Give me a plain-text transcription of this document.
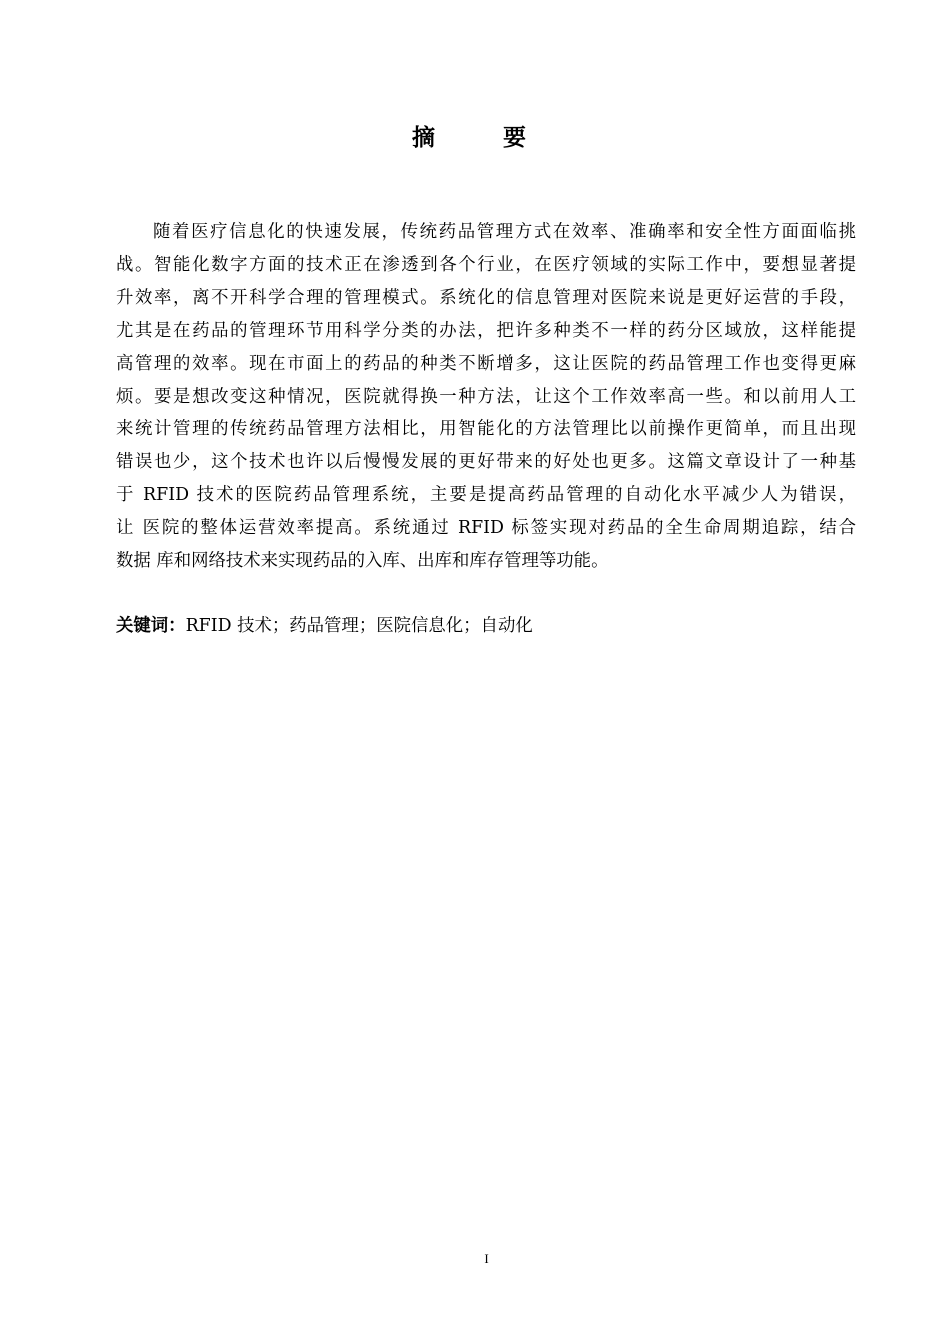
摘 要
随着医疗信息化的快速发展，传统药品管理方式在效率、准确率和安全性方面面临挑
战。智能化数字方面的技术正在渗透到各个行业，在医疗领域的实际工作中，要想显著提
升效率，离不开科学合理的管理模式。系统化的信息管理对医院来说是更好运营的手段，
尤其是在药品的管理环节用科学分类的办法，把许多种类不一样的药分区域放，这样能提
高管理的效率。现在市面上的药品的种类不断增多，这让医院的药品管理工作也变得更麻
烦。要是想改变这种情况，医院就得换一种方法，让这个工作效率高一些。和以前用人工
来统计管理的传统药品管理方法相比，用智能化的方法管理比以前操作更简单，而且出现
错误也少，这个技术也许以后慢慢发展的更好带来的好处也更多。这篇文章设计了一种基
于 RFID 技术的医院药品管理系统，主要是提高药品管理的自动化水平减少人为错误，
让 医院的整体运营效率提高。系统通过 RFID 标签实现对药品的全生命周期追踪，结合
数据 库和网络技术来实现药品的入库、出库和库存管理等功能。
关键词：RFID 技术；药品管理；医院信息化；自动化
I
